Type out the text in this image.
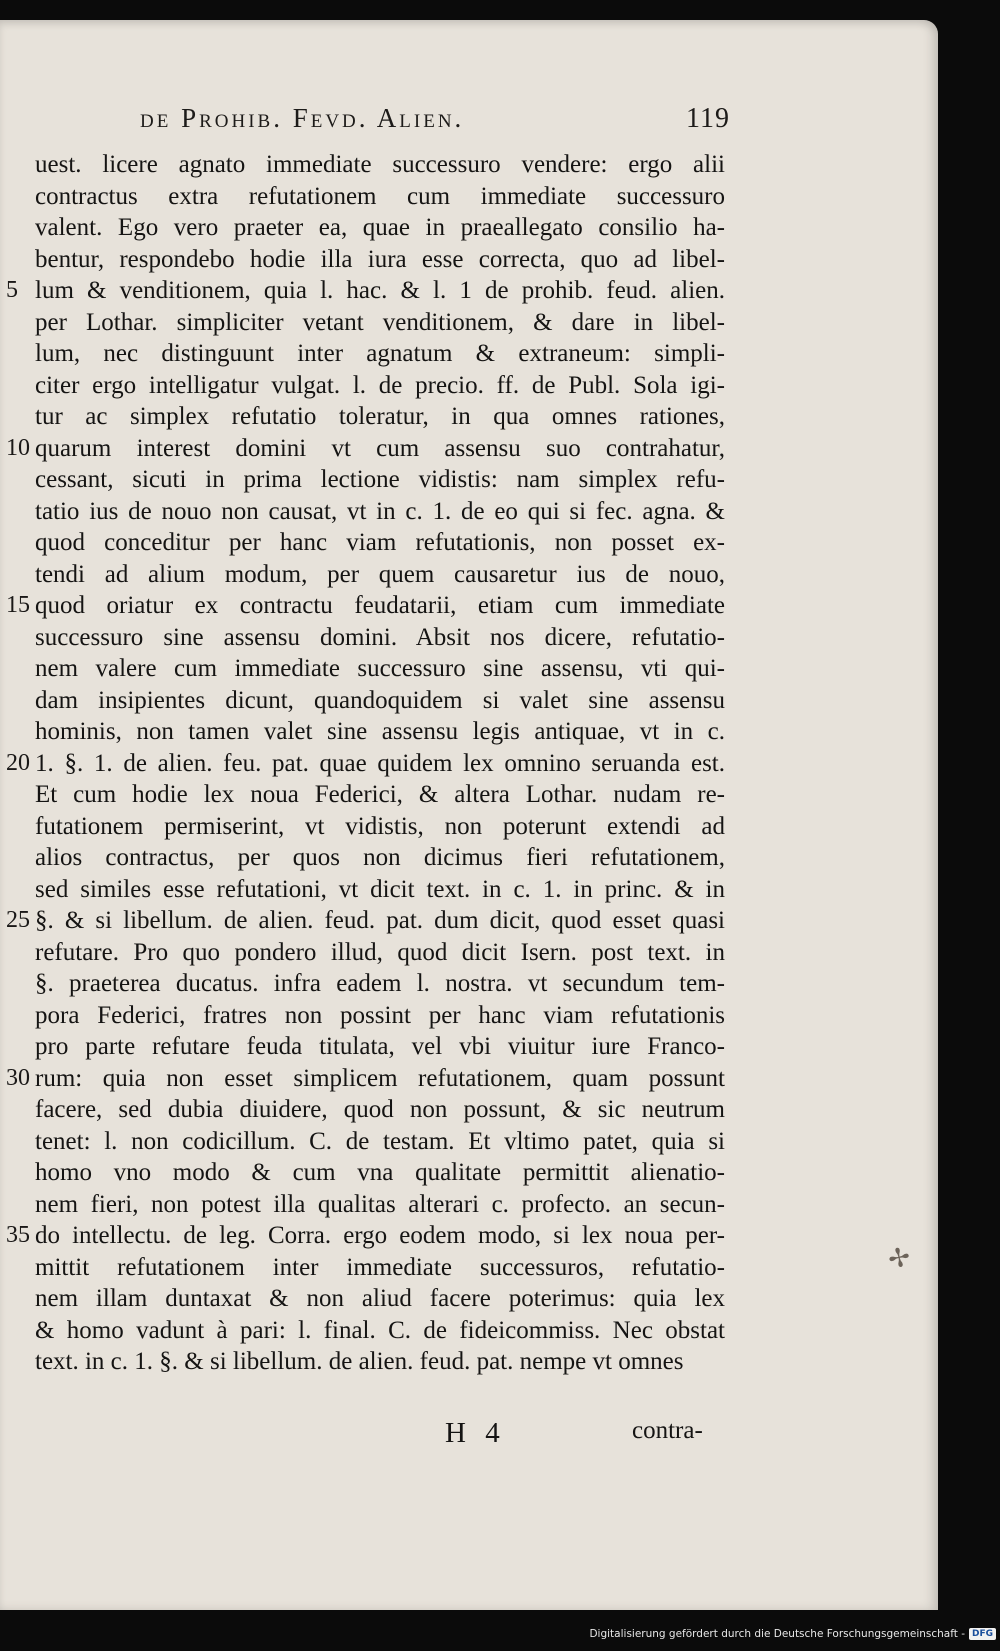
de Prohib. Fevd. Alien.	119
5
10
15
20
25
30
35
uest. licere agnato immediate successuro vendere: ergo alii
contractus extra refutationem cum immediate successuro
valent. Ego vero praeter ea, quae in praeallegato consilio ha-
bentur, respondebo hodie illa iura esse correcta, quo ad libel-
lum & venditionem, quia l. hac. & l. 1 de prohib. feud. alien.
per Lothar. simpliciter vetant venditionem, & dare in libel-
lum, nec distinguunt inter agnatum & extraneum: simpli-
citer ergo intelligatur vulgat. l. de precio. ff. de Publ. Sola igi-
tur ac simplex refutatio toleratur, in qua omnes rationes,
quarum interest domini vt cum assensu suo contrahatur,
cessant, sicuti in prima lectione vidistis: nam simplex refu-
tatio ius de nouo non causat, vt in c. 1. de eo qui si fec. agna. &
quod conceditur per hanc viam refutationis, non posset ex-
tendi ad alium modum, per quem causaretur ius de nouo,
quod oriatur ex contractu feudatarii, etiam cum immediate
successuro sine assensu domini. Absit nos dicere, refutatio-
nem valere cum immediate successuro sine assensu, vti qui-
dam insipientes dicunt, quandoquidem si valet sine assensu
hominis, non tamen valet sine assensu legis antiquae, vt in c.
1. §. 1. de alien. feu. pat. quae quidem lex omnino seruanda est.
Et cum hodie lex noua Federici, & altera Lothar. nudam re-
futationem permiserint, vt vidistis, non poterunt extendi ad
alios contractus, per quos non dicimus fieri refutationem,
sed similes esse refutationi, vt dicit text. in c. 1. in princ. & in
§. & si libellum. de alien. feud. pat. dum dicit, quod esset quasi
refutare. Pro quo pondero illud, quod dicit Isern. post text. in
§. praeterea ducatus. infra eadem l. nostra. vt secundum tem-
pora Federici, fratres non possint per hanc viam refutationis
pro parte refutare feuda titulata, vel vbi viuitur iure Franco-
rum: quia non esset simplicem refutationem, quam possunt
facere, sed dubia diuidere, quod non possunt, & sic neutrum
tenet: l. non codicillum. C. de testam. Et vltimo patet, quia si
homo vno modo & cum vna qualitate permittit alienatio-
nem fieri, non potest illa qualitas alterari c. profecto. an secun-
do intellectu. de leg. Corra. ergo eodem modo, si lex noua per-
mittit refutationem inter immediate successuros, refutatio-
nem illam duntaxat & non aliud facere poterimus: quia lex
& homo vadunt à pari: l. final. C. de fideicommiss. Nec obstat
text. in c. 1. §. & si libellum. de alien. feud. pat. nempe vt omnes
H 4	contra-
✢
Digitalisierung gefördert durch die Deutsche Forschungsgemeinschaft - DFG
